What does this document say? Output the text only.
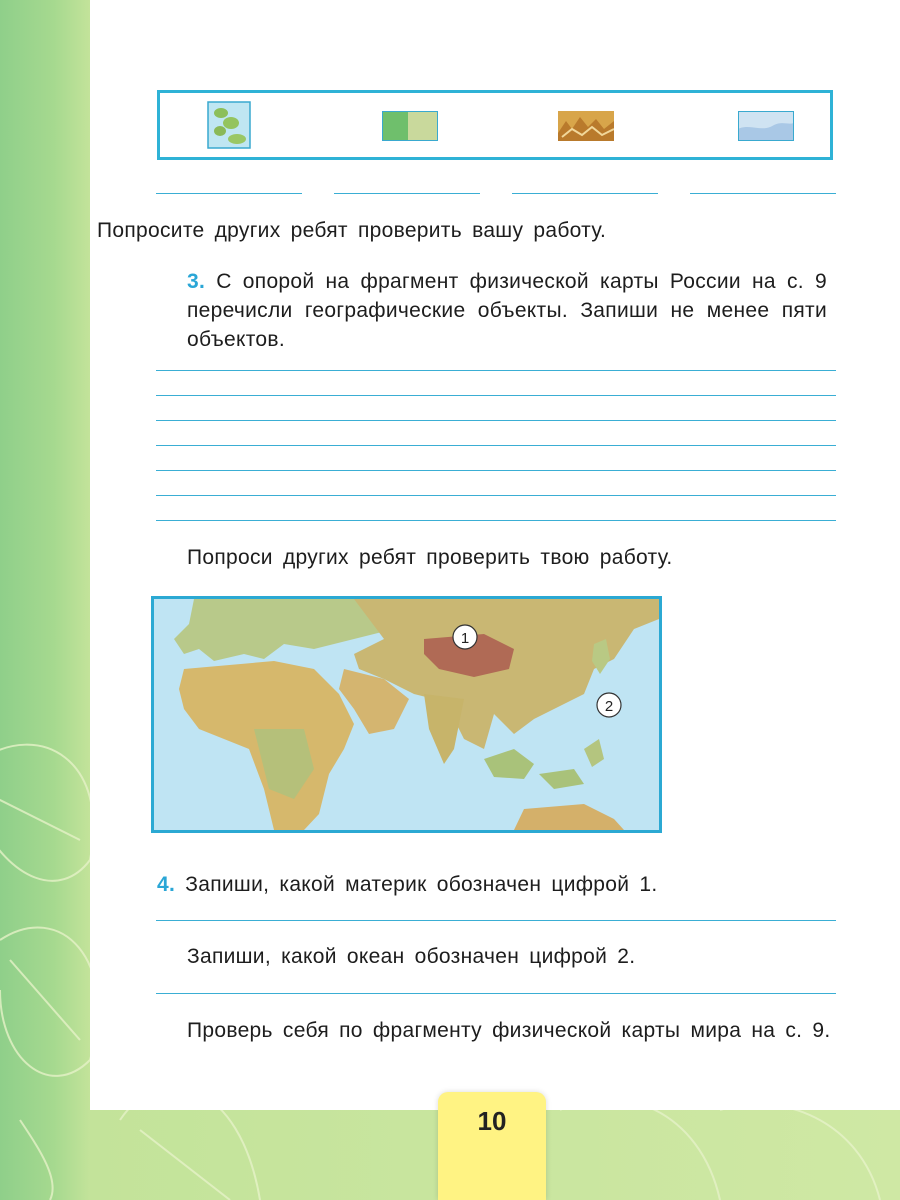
Попросите других ребят проверить вашу работу.
3. С опорой на фрагмент физической карты России на с. 9 перечисли географические объекты. Запиши не менее пяти объектов.
Попроси других ребят проверить твою работу.
1
2
4. Запиши, какой материк обозначен цифрой 1.
Запиши, какой океан обозначен цифрой 2.
Проверь себя по фрагменту физической карты мира на с. 9.
10
